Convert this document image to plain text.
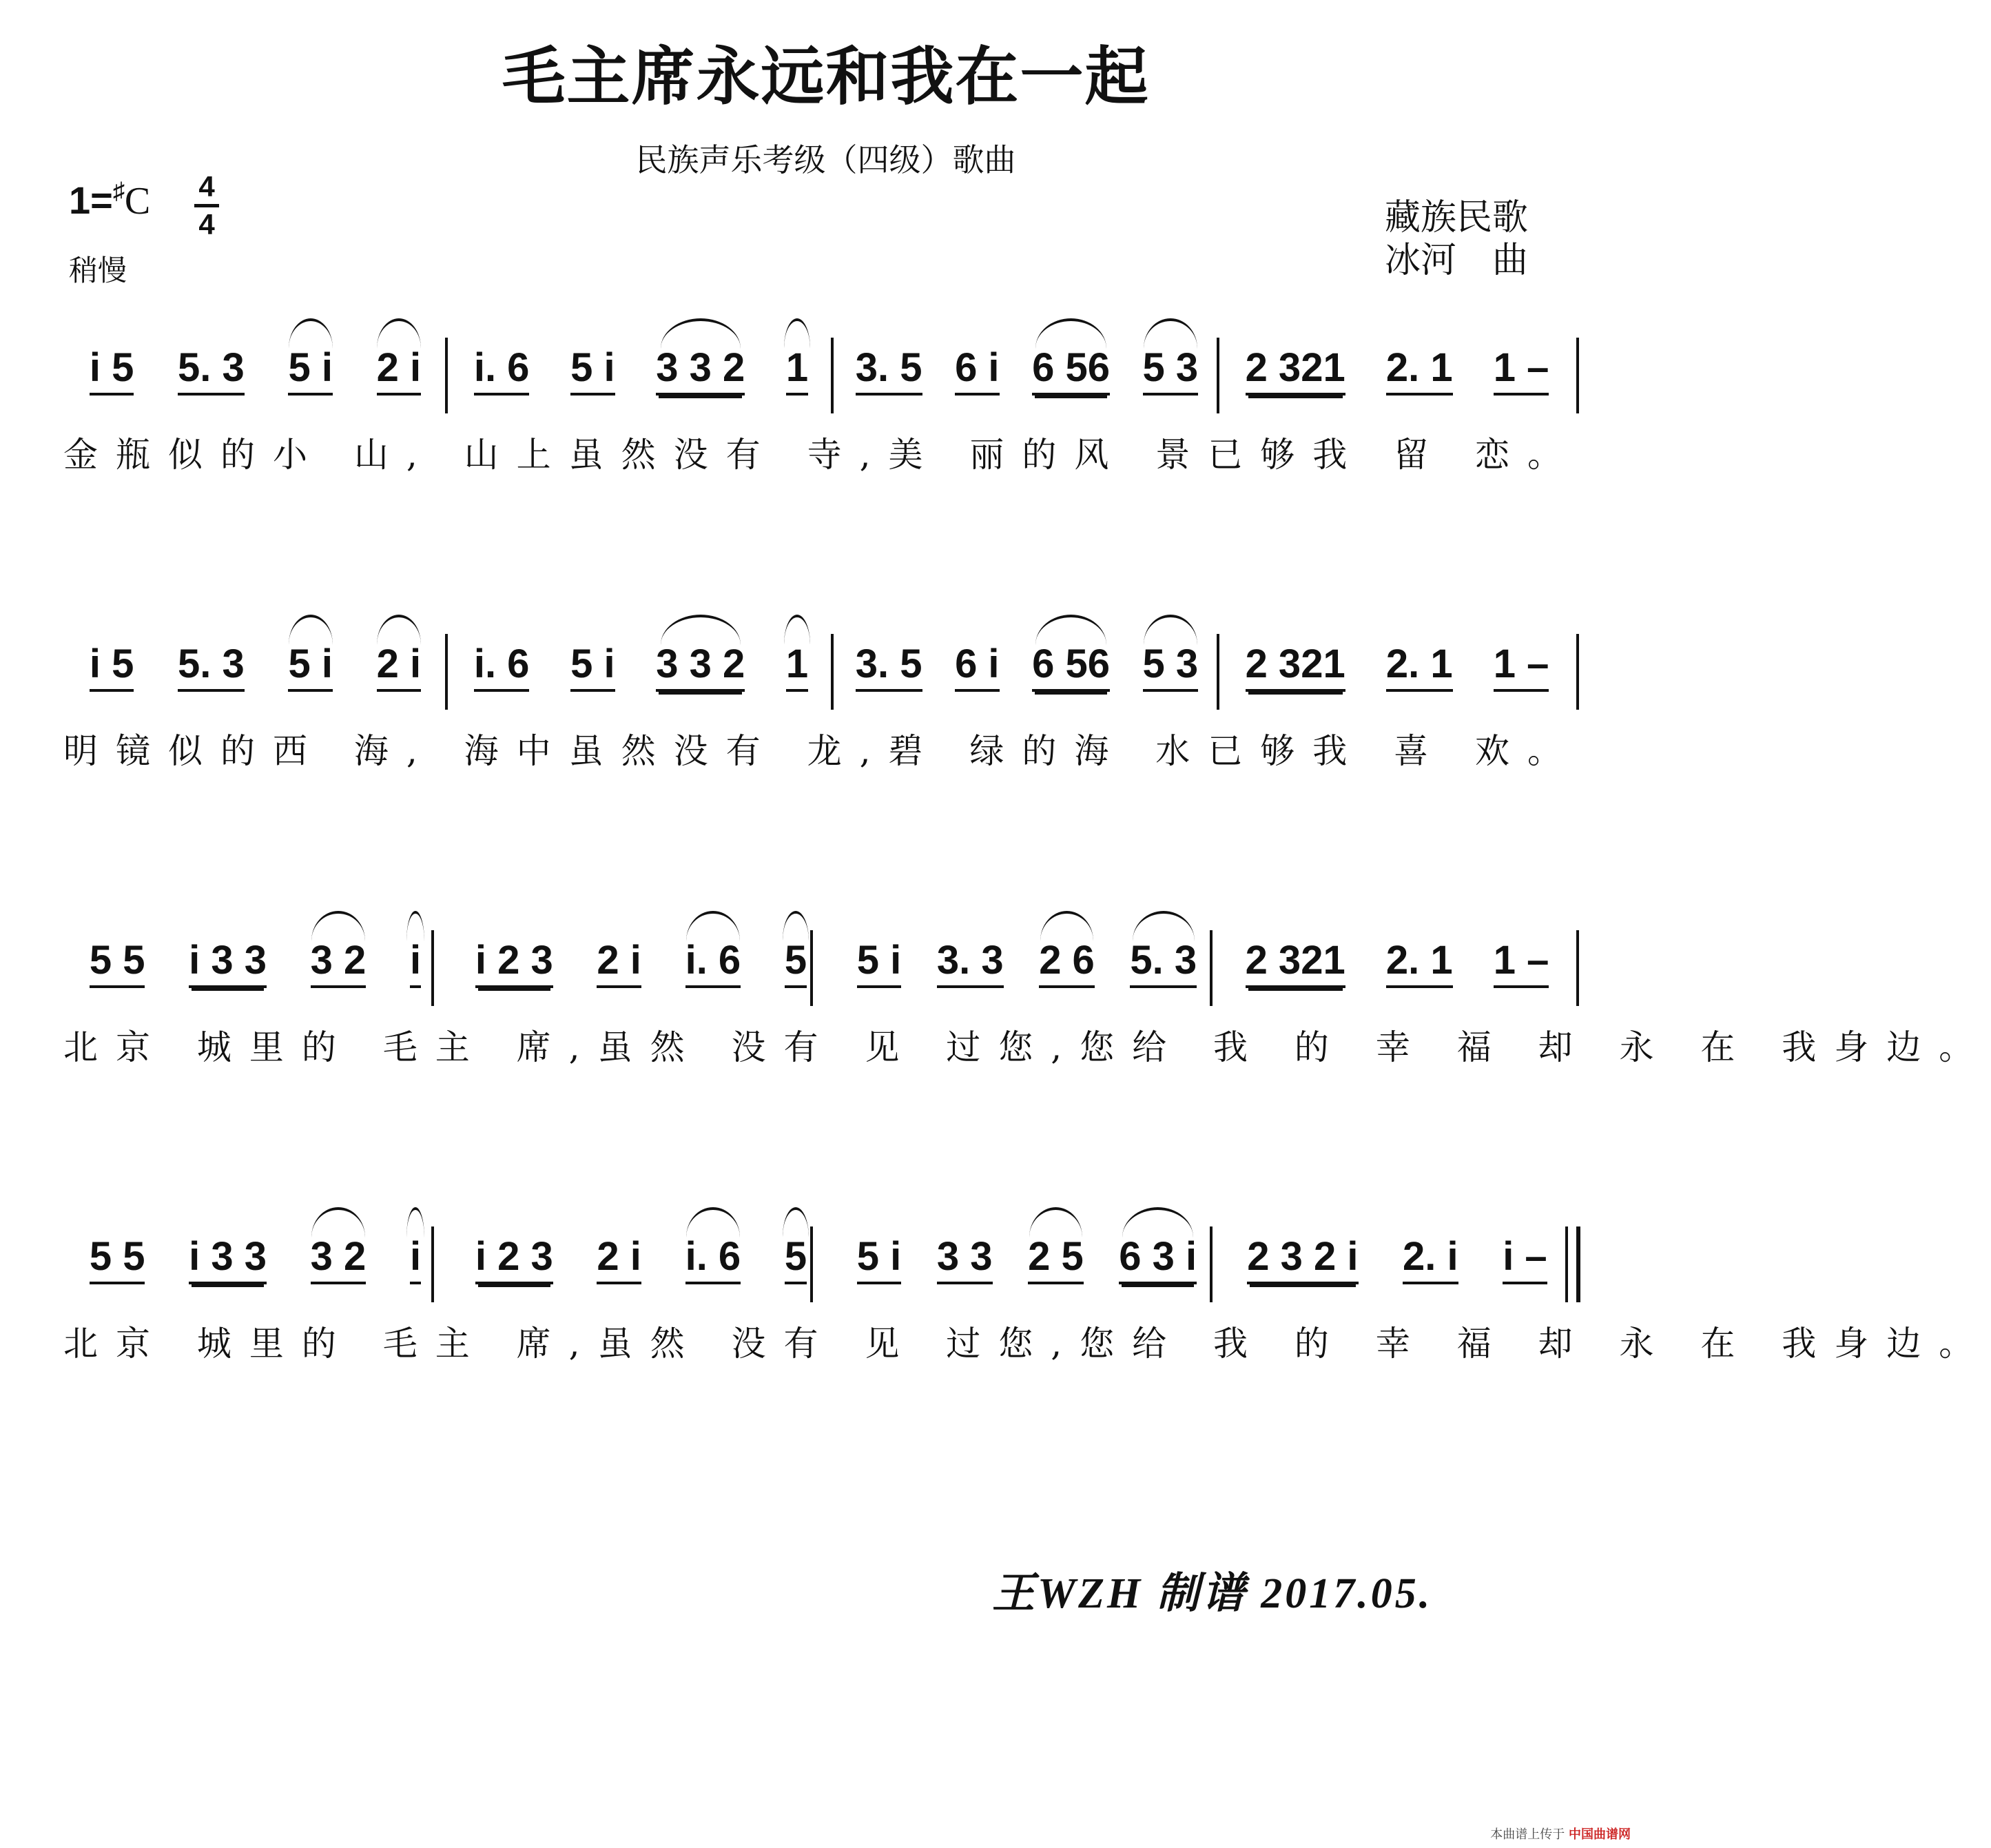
毛主席永远和我在一起
民族声乐考级（四级）歌曲
1=♯C 4
4
稍慢
藏族民歌
冰河　曲
i 5 5. 3 5 i 2 i i. 6 5 i 3 3 2 1 3. 5 6 i 6 56 5 3 2 321 2. 1 1 –
金瓶似的小 山, 山上虽然没有 寺,美 丽的风 景已够我 留 恋。
i 5 5. 3 5 i 2 i i. 6 5 i 3 3 2 1 3. 5 6 i 6 56 5 3 2 321 2. 1 1 –
明镜似的西 海, 海中虽然没有 龙,碧 绿的海 水已够我 喜 欢。
5 5 i 3 3 3 2 i i 2 3 2 i i. 6 5 5 i 3. 3 2 6 5. 3 2 321 2. 1 1 –
北京 城里的 毛主 席,虽然 没有 见 过您,您给 我 的 幸 福 却 永 在 我身边。
5 5 i 3 3 3 2 i i 2 3 2 i i. 6 5 5 i 3 3 2 5 6 3 i 2 3 2 i 2. i i –
北京 城里的 毛主 席,虽然 没有 见 过您,您给 我 的 幸 福 却 永 在 我身边。
王WZH 制谱 2017.05.
本曲谱上传于 中国曲谱网
